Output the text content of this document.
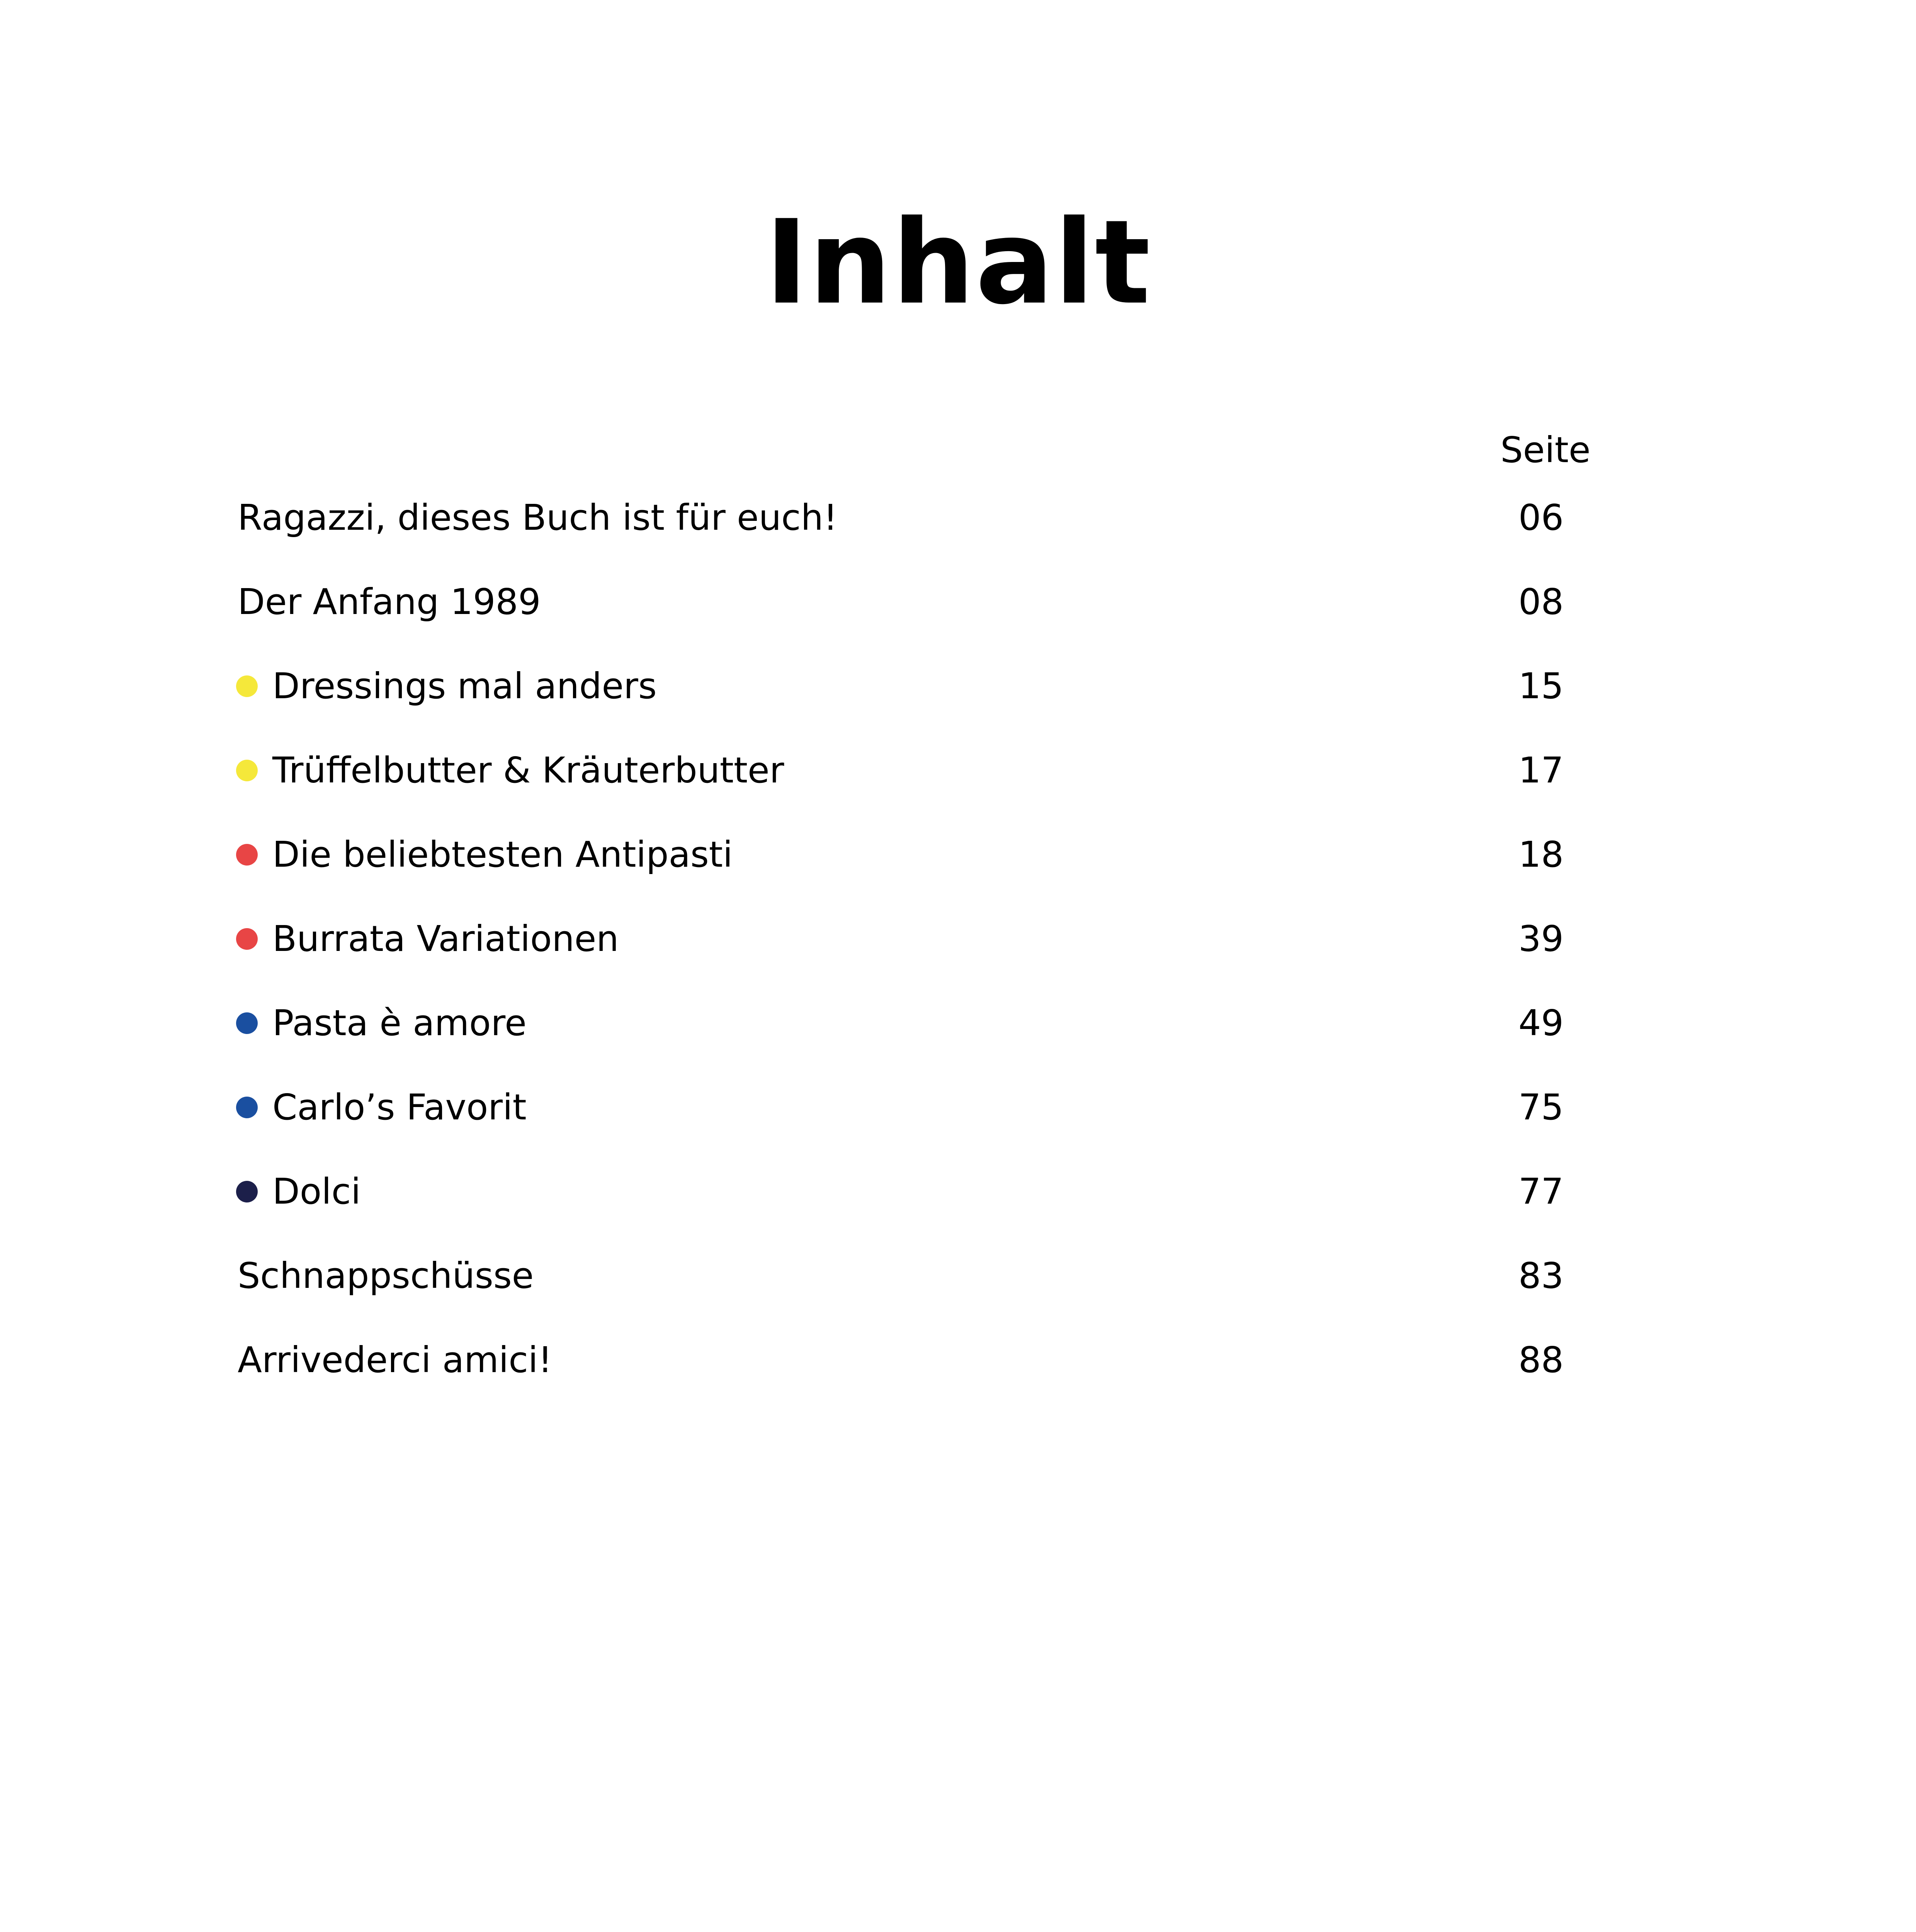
Inhalt
Seite
Ragazzi, dieses Buch ist für euch!	06
Der Anfang 1989	08
Dressings mal anders	15
Trüffelbutter & Kräuterbutter	17
Die beliebtesten Antipasti	18
Burrata Variationen	39
Pasta è amore	49
Carlo’s Favorit	75
Dolci	77
Schnappschüsse	83
Arrivederci amici!	88
